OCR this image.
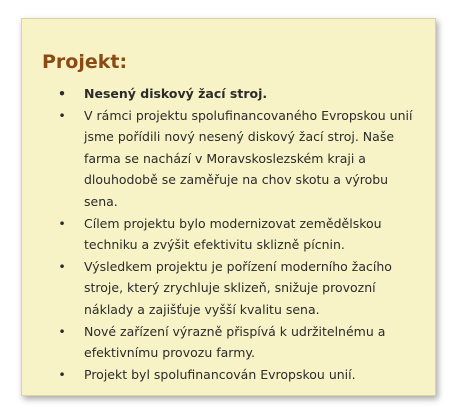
Projekt:
• Nesený diskový žací stroj.
• V rámci projektu spolufinancovaného Evropskou unií jsme pořídili nový nesený diskový žací stroj. Naše farma se nachází v Moravskoslezském kraji a dlouhodobě se zaměřuje na chov skotu a výrobu sena.
• Cílem projektu bylo modernizovat zemědělskou techniku a zvýšit efektivitu sklizně pícnin.
• Výsledkem projektu je pořízení moderního žacího stroje, který zrychluje sklizeň, snižuje provozní náklady a zajišťuje vyšší kvalitu sena.
• Nové zařízení výrazně přispívá k udržitelnému a efektivnímu provozu farmy.
• Projekt byl spolufinancován Evropskou unií.
